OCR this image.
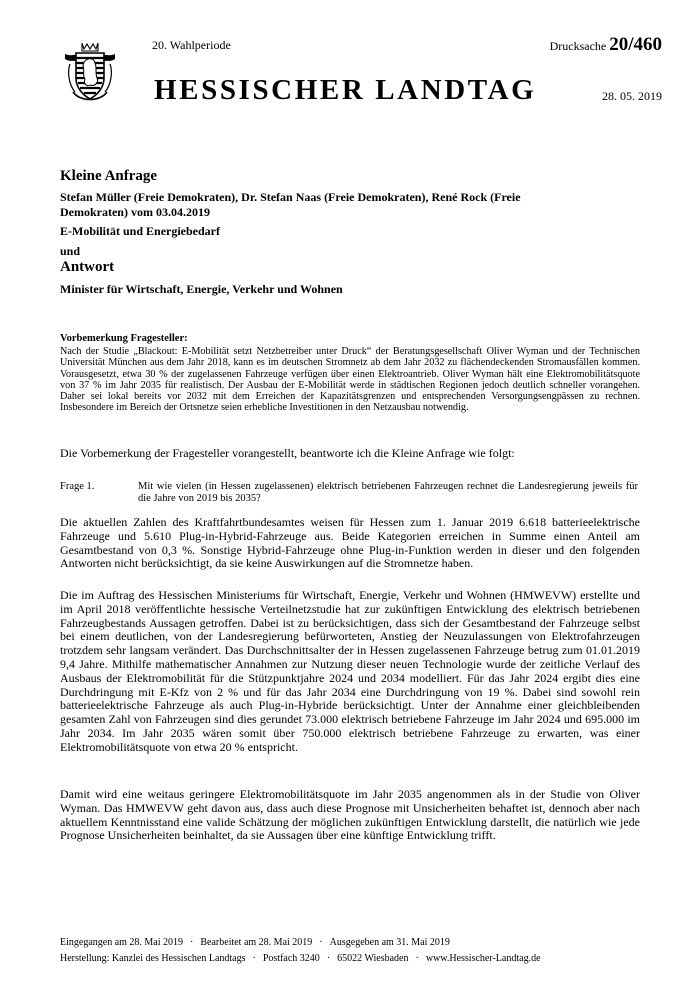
20. Wahlperiode	Drucksache 20/460
HESSISCHER LANDTAG	28. 05. 2019
Kleine Anfrage
Stefan Müller (Freie Demokraten), Dr. Stefan Naas (Freie Demokraten), René Rock (Freie Demokraten) vom 03.04.2019
E-Mobilität und Energiebedarf
und
Antwort
Minister für Wirtschaft, Energie, Verkehr und Wohnen
Vorbemerkung Fragesteller:
Nach der Studie „Blackout: E-Mobilität setzt Netzbetreiber unter Druck“ der Beratungsgesellschaft Oliver Wyman und der Technischen Universität München aus dem Jahr 2018, kann es im deutschen Stromnetz ab dem Jahr 2032 zu flächendeckenden Stromausfällen kommen. Vorausgesetzt, etwa 30 % der zugelassenen Fahrzeuge verfügen über einen Elektroantrieb. Oliver Wyman hält eine Elektromobilitätsquote von 37 % im Jahr 2035 für realistisch. Der Ausbau der E-Mobilität werde in städtischen Regionen jedoch deutlich schneller vorangehen. Daher sei lokal bereits vor 2032 mit dem Erreichen der Kapazitätsgrenzen und entsprechenden Versorgungsengpässen zu rechnen. Insbesondere im Bereich der Ortsnetze seien erhebliche Investitionen in den Netzausbau notwendig.
Die Vorbemerkung der Fragesteller vorangestellt, beantworte ich die Kleine Anfrage wie folgt:
Frage 1.	Mit wie vielen (in Hessen zugelassenen) elektrisch betriebenen Fahrzeugen rechnet die Landesregierung jeweils für die Jahre von 2019 bis 2035?
Die aktuellen Zahlen des Kraftfahrtbundesamtes weisen für Hessen zum 1. Januar 2019 6.618 batterieelektrische Fahrzeuge und 5.610 Plug-in-Hybrid-Fahrzeuge aus. Beide Kategorien erreichen in Summe einen Anteil am Gesamtbestand von 0,3 %. Sonstige Hybrid-Fahrzeuge ohne Plug-in-Funktion werden in dieser und den folgenden Antworten nicht berücksichtigt, da sie keine Auswirkungen auf die Stromnetze haben.
Die im Auftrag des Hessischen Ministeriums für Wirtschaft, Energie, Verkehr und Wohnen (HMWEVW) erstellte und im April 2018 veröffentlichte hessische Verteilnetzstudie hat zur zukünftigen Entwicklung des elektrisch betriebenen Fahrzeugbestands Aussagen getroffen. Dabei ist zu berücksichtigen, dass sich der Gesamtbestand der Fahrzeuge selbst bei einem deutlichen, von der Landesregierung befürworteten, Anstieg der Neuzulassungen von Elektrofahrzeugen trotzdem sehr langsam verändert. Das Durchschnittsalter der in Hessen zugelassenen Fahrzeuge betrug zum 01.01.2019 9,4 Jahre. Mithilfe mathematischer Annahmen zur Nutzung dieser neuen Technologie wurde der zeitliche Verlauf des Ausbaus der Elektromobilität für die Stützpunktjahre 2024 und 2034 modelliert. Für das Jahr 2024 ergibt dies eine Durchdringung mit E-Kfz von 2 % und für das Jahr 2034 eine Durchdringung von 19 %. Dabei sind sowohl rein batterieelektrische Fahrzeuge als auch Plug-in-Hybride berücksichtigt. Unter der Annahme einer gleichbleibenden gesamten Zahl von Fahrzeugen sind dies gerundet 73.000 elektrisch betriebene Fahrzeuge im Jahr 2024 und 695.000 im Jahr 2034. Im Jahr 2035 wären somit über 750.000 elektrisch betriebene Fahrzeuge zu erwarten, was einer Elektromobilitätsquote von etwa 20 % entspricht.
Damit wird eine weitaus geringere Elektromobilitätsquote im Jahr 2035 angenommen als in der Studie von Oliver Wyman. Das HMWEVW geht davon aus, dass auch diese Prognose mit Unsicherheiten behaftet ist, dennoch aber nach aktuellem Kenntnisstand eine valide Schätzung der möglichen zukünftigen Entwicklung darstellt, die natürlich wie jede Prognose Unsicherheiten beinhaltet, da sie Aussagen über eine künftige Entwicklung trifft.
Eingegangen am 28. Mai 2019 · Bearbeitet am 28. Mai 2019 · Ausgegeben am 31. Mai 2019
Herstellung: Kanzlei des Hessischen Landtags · Postfach 3240 · 65022 Wiesbaden · www.Hessischer-Landtag.de
